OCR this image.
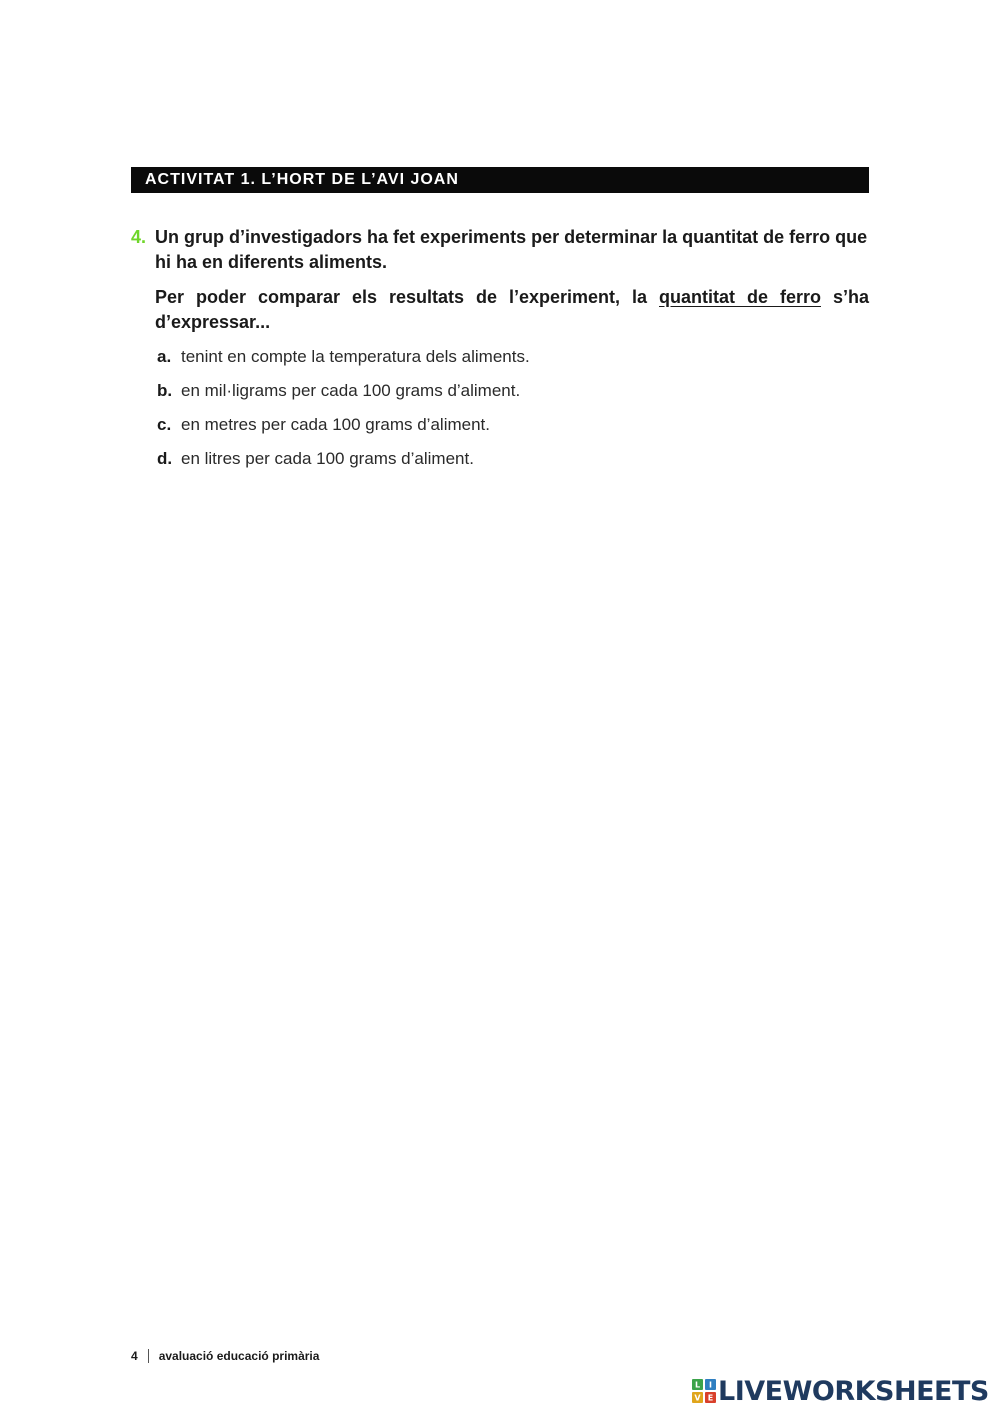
ACTIVITAT 1. L’HORT DE L’AVI JOAN
4. Un grup d’investigadors ha fet experiments per determinar la quantitat de ferro que hi ha en diferents aliments.
Per poder comparar els resultats de l’experiment, la quantitat de ferro s’ha d’expressar...
a. tenint en compte la temperatura dels aliments.
b. en mil·ligrams per cada 100 grams d’aliment.
c. en metres per cada 100 grams d’aliment.
d. en litres per cada 100 grams d’aliment.
4 avaluació educació primària
L I
V E LIVEWORKSHEETS
